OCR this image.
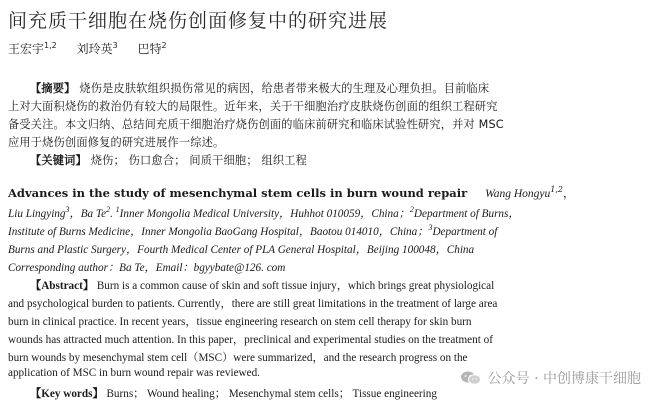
间充质干细胞在烧伤创面修复中的研究进展
王宏宇$^{1,2}$ 刘玲英$^3$ 巴特$^2$
【摘要】 烧伤是皮肤软组织损伤常见的病因，给患者带来极大的生理及心理负担。目前临床
上对大面积烧伤的救治仍有较大的局限性。近年来，关于干细胞治疗皮肤烧伤创面的组织工程研究
备受关注。本文归纳、总结间充质干细胞治疗烧伤创面的临床前研究和临床试验性研究，并对 MSC
应用于烧伤创面修复的研究进展作一综述。
【关键词】 烧伤； 伤口愈合； 间质干细胞； 组织工程
Advances in the study of mesenchymal stem cells in burn wound repair Wang Hongyu$^{1,2}$，
Liu Lingying$^3$，Ba Te$^2$. $^1$Inner Mongolia Medical University，Huhhot 010059，China；$^2$Department of Burns，
Institute of Burns Medicine，Inner Mongolia BaoGang Hospital，Baotou 014010，China；$^3$Department of
Burns and Plastic Surgery，Fourth Medical Center of PLA General Hospital，Beijing 100048，China
Corresponding author：Ba Te，Email：bgyybate@126. com
【Abstract】 Burn is a common cause of skin and soft tissue injury，which brings great physiological
and psychological burden to patients. Currently，there are still great limitations in the treatment of large area
burn in clinical practice. In recent years，tissue engineering research on stem cell therapy for skin burn
wounds has attracted much attention. In this paper，preclinical and experimental studies on the treatment of
burn wounds by mesenchymal stem cell（MSC）were summarized，and the research progress on the
application of MSC in burn wound repair was reviewed.
【Key words】 Burns； Wound healing； Mesenchymal stem cells； Tissue engineering
公众号 · 中创博康干细胞
